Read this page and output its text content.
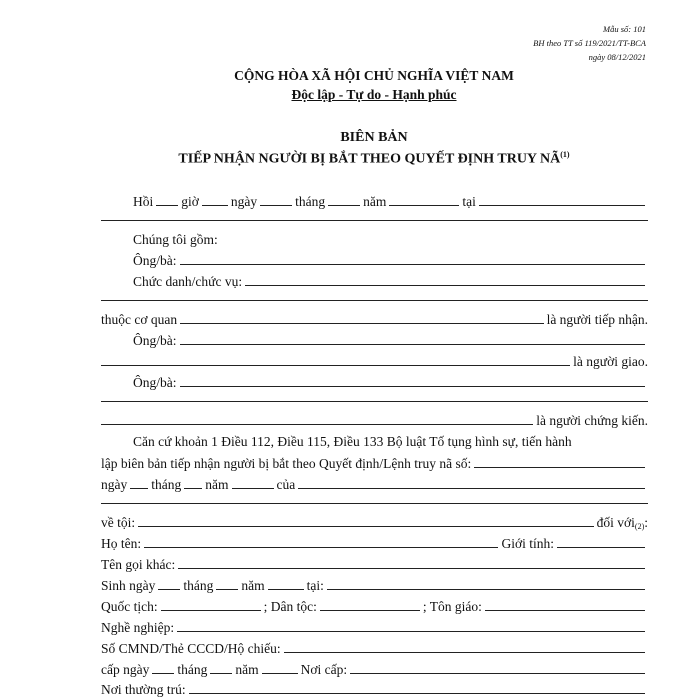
Mẫu số: 101
BH theo TT số 119/2021/TT-BCA
ngày 08/12/2021
CỘNG HÒA XÃ HỘI CHỦ NGHĨA VIỆT NAM
Độc lập - Tự do - Hạnh phúc
BIÊN BẢN
TIẾP NHẬN NGƯỜI BỊ BẮT THEO QUYẾT ĐỊNH TRUY NÃ$^{(1)}$
Hồi giờ ngày	tháng	năm	tại
Chúng tôi gồm:
Ông/bà:
Chức danh/chức vụ:
thuộc cơ quan	là người tiếp nhận.
Ông/bà:
là người giao.
Ông/bà:
là người chứng kiến.
Căn cứ khoản 1 Điều 112, Điều 115, Điều 133 Bộ luật Tố tụng hình sự, tiến hành
lập biên bản tiếp nhận người bị bắt theo Quyết định/Lệnh truy nã số:
ngày tháng năm	của
về tội:	đối với$_{(2)}$ :
Họ tên:	Giới tính:
Tên gọi khác:
Sinh ngày tháng năm	tại:
Quốc tịch:	; Dân tộc:	; Tôn giáo:
Nghề nghiệp:
Số CMND/Thẻ CCCD/Hộ chiếu:
cấp ngày tháng năm	Nơi cấp:
Nơi thường trú:
